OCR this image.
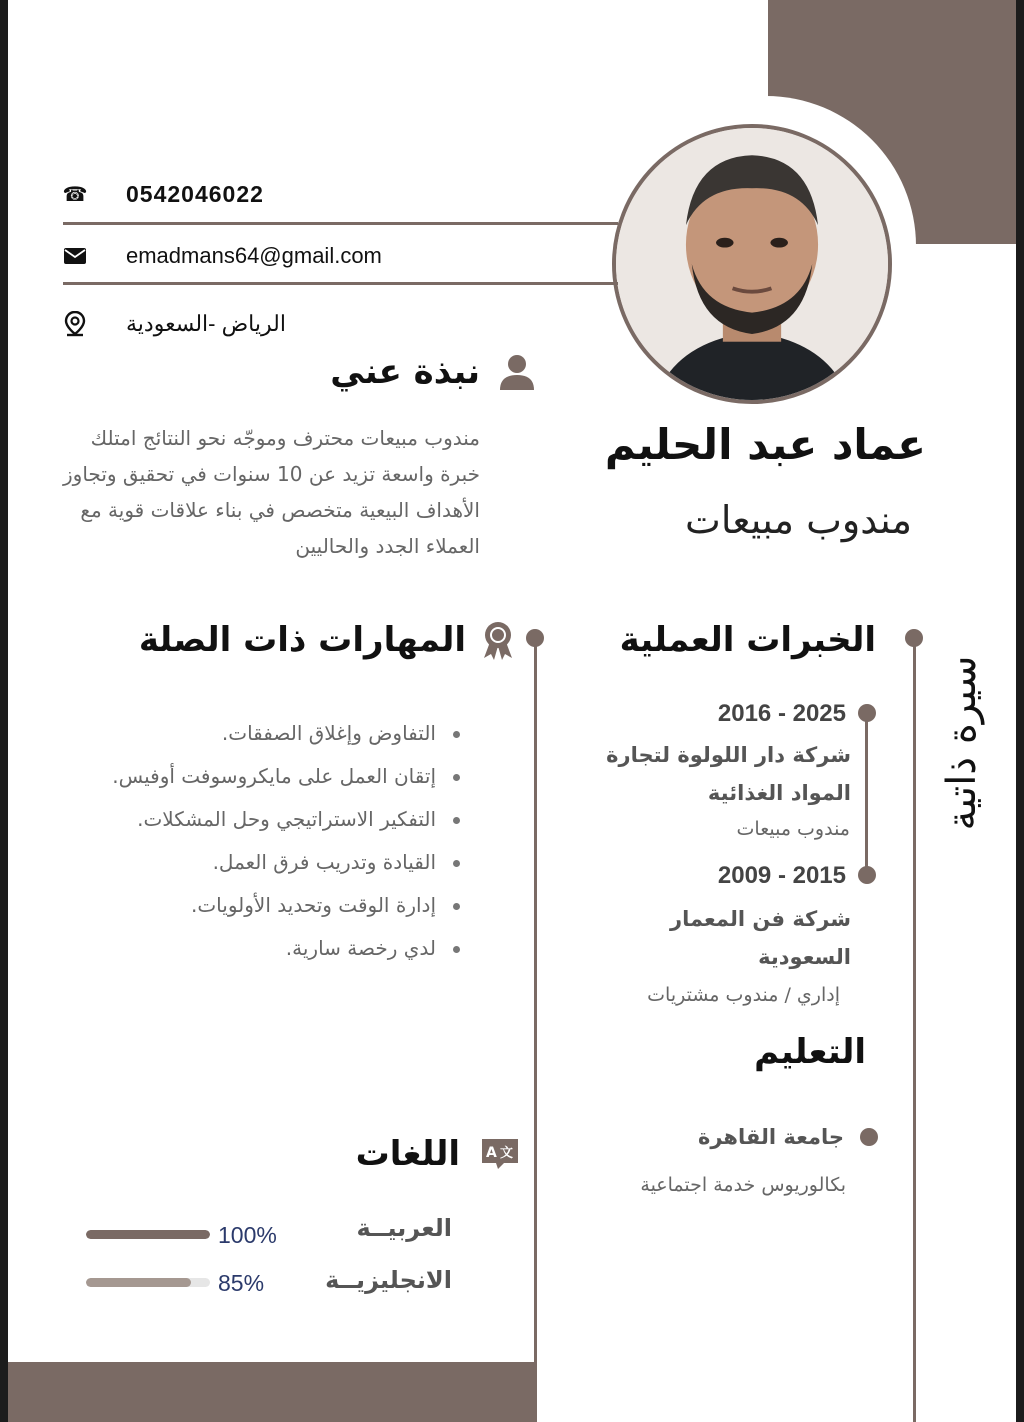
☎ 0542046022
emadmans64@gmail.com
الرياض -السعودية
عماد عبد الحليم
مندوب مبيعات
نبذة عني
مندوب مبيعات محترف وموجّه نحو النتائج امتلك خبرة واسعة تزيد عن 10 سنوات في تحقيق وتجاوز الأهداف البيعية متخصص في بناء علاقات قوية مع العملاء الجدد والحاليين
سيرة ذاتية
الخبرات العملية
2016 - 2025
شركة دار اللولوة لتجارة المواد الغذائية
مندوب مبيعات
2009 - 2015
شركة فن المعمار السعودية
إداري / مندوب مشتريات
التعليم
جامعة القاهرة
بكالوريوس خدمة اجتماعية
المهارات ذات الصلة
التفاوض وإغلاق الصفقات.
إتقان العمل على مايكروسوفت أوفيس.
التفكير الاستراتيجي وحل المشكلات.
القيادة وتدريب فرق العمل.
إدارة الوقت وتحديد الأولويات.
لدي رخصة سارية.
اللغات A 文
العربيــة
100%
الانجليزيــة
85%
